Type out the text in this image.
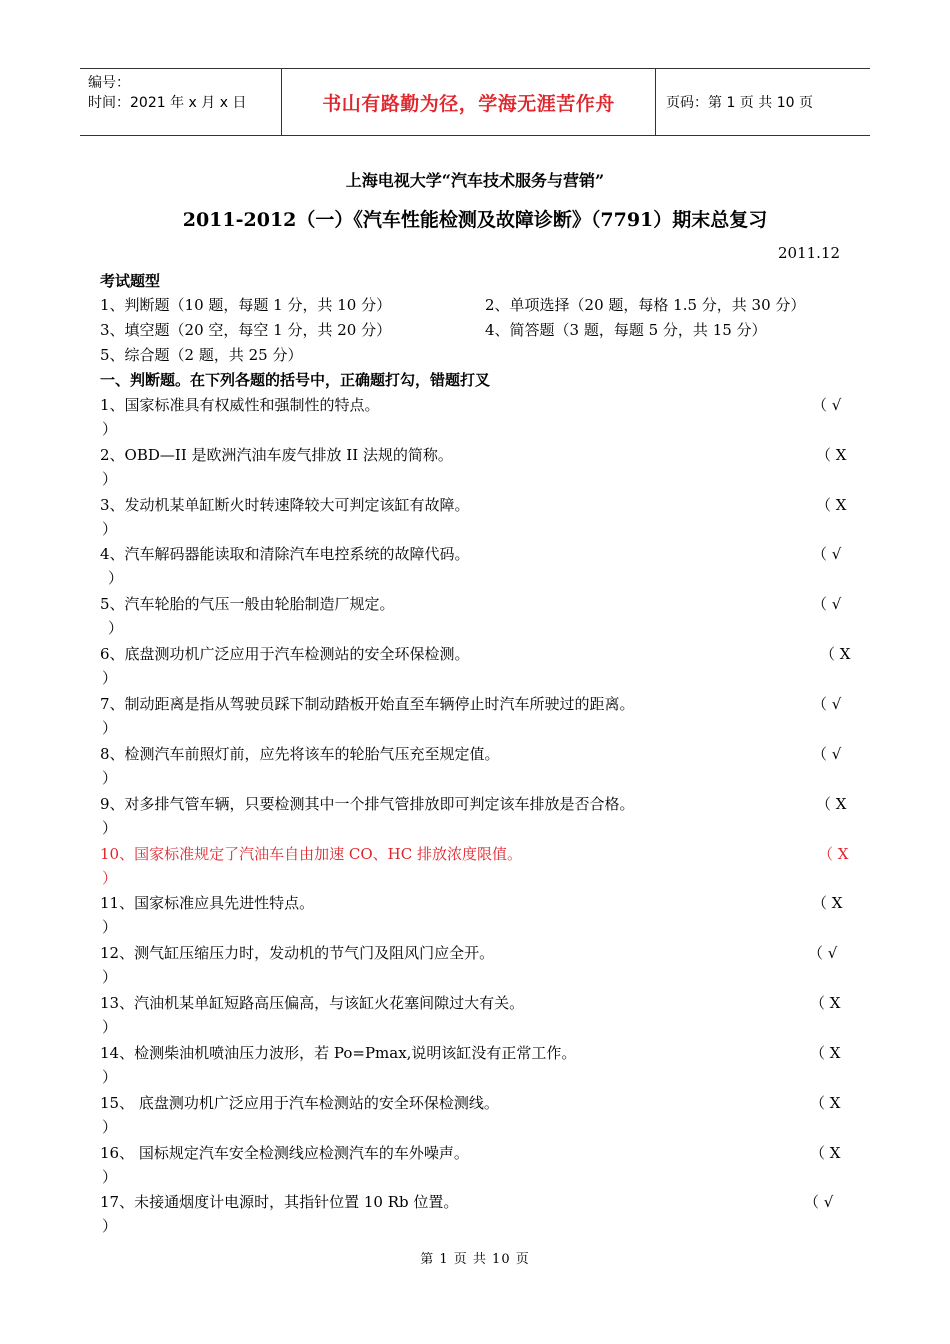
编号：
时间：2021 年 x 月 x 日	书山有路勤为径，学海无涯苦作舟	页码：第 1 页 共 10 页
上海电视大学“汽车技术服务与营销”
2011-2012（一）《汽车性能检测及故障诊断》（7791）期末总复习
2011.12
考试题型
1、判断题（10 题，每题 1 分，共 10 分）	2、单项选择（20 题，每格 1.5 分，共 30 分）
3、填空题（20 空，每空 1 分，共 20 分）	4、简答题（3 题，每题 5 分，共 15 分）
5、综合题（2 题，共 25 分）
一、判断题。在下列各题的括号中，正确题打勾，错题打叉
1、国家标准具有权威性和强制性的特点。	（ √
）
2、OBD—II 是欧洲汽油车废气排放 II 法规的简称。	（ X
）
3、发动机某单缸断火时转速降较大可判定该缸有故障。	（ X
）
4、汽车解码器能读取和清除汽车电控系统的故障代码。	（ √
）
5、汽车轮胎的气压一般由轮胎制造厂规定。	（ √
）
6、底盘测功机广泛应用于汽车检测站的安全环保检测。	（ X
）
7、制动距离是指从驾驶员踩下制动踏板开始直至车辆停止时汽车所驶过的距离。	（ √
）
8、检测汽车前照灯前，应先将该车的轮胎气压充至规定值。	（ √
）
9、对多排气管车辆，只要检测其中一个排气管排放即可判定该车排放是否合格。	（ X
）
10、国家标准规定了汽油车自由加速 CO、HC 排放浓度限值。	（ X
）
11、国家标准应具先进性特点。	（ X
）
12、测气缸压缩压力时，发动机的节气门及阻风门应全开。	（ √
）
13、汽油机某单缸短路高压偏高，与该缸火花塞间隙过大有关。	（ X
）
14、检测柴油机喷油压力波形，若 Po=Pmax,说明该缸没有正常工作。	（ X
）
15、 底盘测功机广泛应用于汽车检测站的安全环保检测线。	（ X
）
16、 国标规定汽车安全检测线应检测汽车的车外噪声。	（ X
）
17、未接通烟度计电源时，其指针位置 10 Rb 位置。	（ √
）
第 1 页 共 10 页
